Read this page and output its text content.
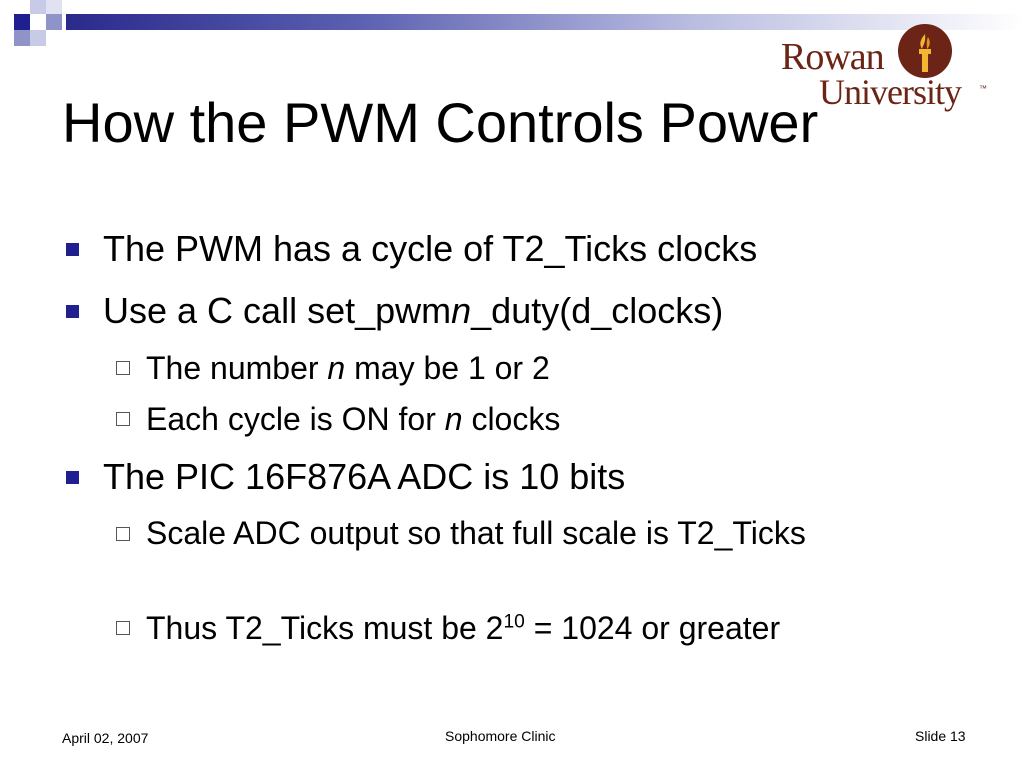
Rowan
University ™
How the PWM Controls Power
The PWM has a cycle of T2_Ticks clocks
Use a C call set_pwmn_duty(d_clocks)
The number n may be 1 or 2
Each cycle is ON for n clocks
The PIC 16F876A ADC is 10 bits
Scale ADC output so that full scale is T2_Ticks
Thus T2_Ticks must be $2^{10} = 1024$ or greater
April 02, 2007	Sophomore Clinic	Slide 13
